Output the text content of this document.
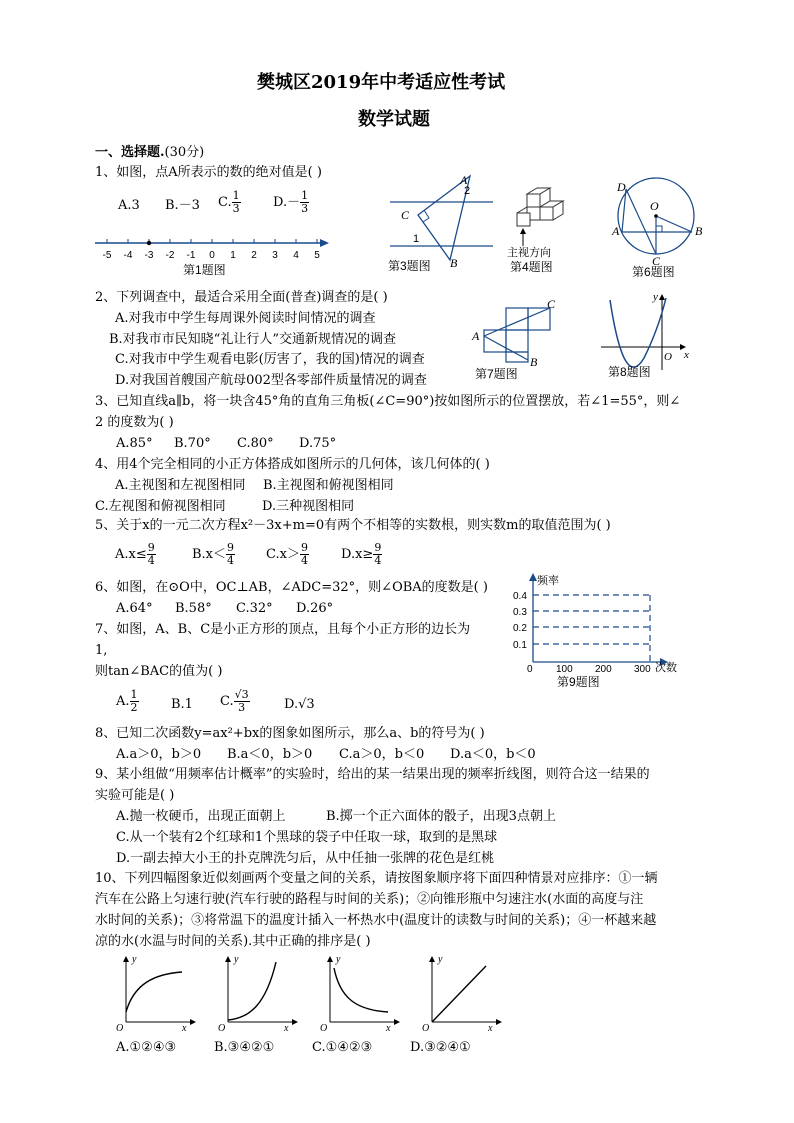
樊城区2019年中考适应性考试
数学试题
一、选择题.(30分)
1、如图，点A所表示的数的绝对值是( )
A.3 B.－3 C. $\frac{1}{3} D.- \frac{1}{3}$
-5 -4 -3 -2 -1 0 1 2 3 4 5
第1题图
A
2
C
1
B
第3题图
主视方向
第4题图
D
O
A	B
C
第6题图
2、下列调查中，最适合采用全面(普查)调查的是( )
A.对我市中学生每周课外阅读时间情况的调查
B.对我市市民知晓“礼让行人”交通新规情况的调查
C.对我市中学生观看电影(厉害了，我的国)情况的调查
D.对我国首艘国产航母002型各零部件质量情况的调查
A
B
C
第7题图
y
O x
第8题图
3、已知直线a∥b，将一块含45°角的直角三角板(∠C=90°)按如图所示的位置摆放，若∠1=55°，则∠
2 的度数为( )
A.85° B.70° C.80° D.75°
4、用4个完全相同的小正方体搭成如图所示的几何体，该几何体的( )
A.主视图和左视图相同 B.主视图和俯视图相同
C.左视图和俯视图相同	D.三种视图相同
5、关于x的一元二次方程x²－3x+m=0有两个不相等的实数根，则实数m的取值范围为( )
$A.x\le \frac{9}{4}$	$B.x< \frac{9}{4} C.x> \frac{9}{4} D.x\ge \frac{9}{4}$
6、如图，在⊙O中，OC⊥AB，∠ADC=32°，则∠OBA的度数是( )
A.64° B.58° C.32° D.26°
频率
0.4
0.3
0.2
0.1
0 100 200 300 次数
第9题图
7、如图，A、B、C是小正方形的顶点，且每个小正方形的边长为
1,
则tan∠BAC的值为( )
A. $\frac{1}{2} B.1$ C. $\frac{√3}{3}$	D.√3
8、已知二次函数y=ax²+bx的图象如图所示，那么a、b的符号为( )
A.a＞0，b＞0 B.a＜0，b＞0 C.a＞0，b＜0 D.a＜0，b＜0
9、某小组做“用频率估计概率”的实验时，给出的某一结果出现的频率折线图，则符合这一结果的
实验可能是( )
A.抛一枚硬币，出现正面朝上	B.掷一个正六面体的骰子，出现3点朝上
C.从一个装有2个红球和1个黑球的袋子中任取一球，取到的是黑球
D.一副去掉大小王的扑克牌洗匀后，从中任抽一张牌的花色是红桃
10、下列四幅图象近似刻画两个变量之间的关系，请按图象顺序将下面四种情景对应排序：①一辆
汽车在公路上匀速行驶(汽车行驶的路程与时间的关系)；②向锥形瓶中匀速注水(水面的高度与注
水时间的关系)；③将常温下的温度计插入一杯热水中(温度计的读数与时间的关系)；④一杯越来越
凉的水(水温与时间的关系).其中正确的排序是( )
y
O	x
y
O	x
y
O	x
y
O	x
A.①②④③	B.③④②①	C.①④②③	D.③②④①
